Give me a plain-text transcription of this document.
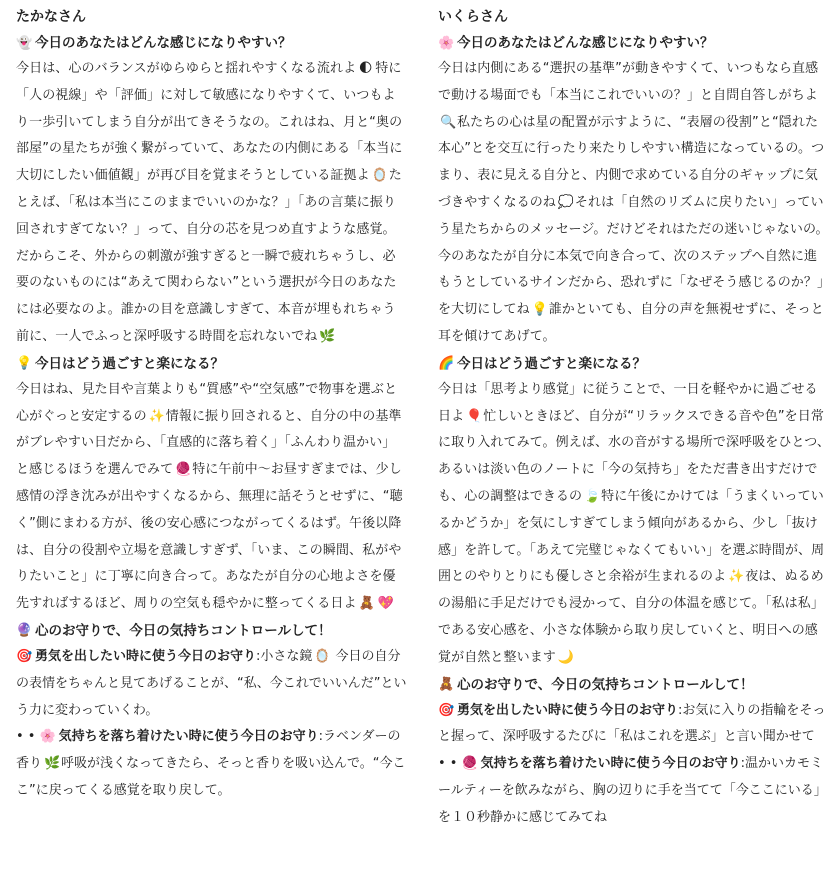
たかなさん
👻 今日のあなたはどんな感じになりやすい？
今日は、心のバランスがゆらゆらと揺れやすくなる流れよ 🌓 特に「人の視線」や「評価」に対して敏感になりやすくて、いつもより一歩引いてしまう自分が出てきそうなの。これはね、月と“奥の部屋”の星たちが強く繋がっていて、あなたの内側にある「本当に大切にしたい価値観」が再び目を覚まそうとしている証拠よ 🪞たとえば、「私は本当にこのままでいいのかな？」「あの言葉に振り回されすぎてない？」って、自分の芯を見つめ直すような感覚。だからこそ、外からの刺激が強すぎると一瞬で疲れちゃうし、必要のないものには“あえて関わらない”という選択が今日のあなたには必要なのよ。誰かの目を意識しすぎて、本音が埋もれちゃう前に、一人でふっと深呼吸する時間を忘れないでね 🌿
💡 今日はどう過ごすと楽になる？
今日はね、見た目や言葉よりも“質感”や“空気感”で物事を選ぶと心がぐっと安定するの ✨情報に振り回されると、自分の中の基準がブレやすい日だから、「直感的に落ち着く」「ふんわり温かい」と感じるほうを選んでみて 🧶特に午前中〜お昼すぎまでは、少し感情の浮き沈みが出やすくなるから、無理に話そうとせずに、“聴く”側にまわる方が、後の安心感につながってくるはず。午後以降は、自分の役割や立場を意識しすぎず、「いま、この瞬間、私がやりたいこと」に丁寧に向き合って。あなたが自分の心地よさを優先すればするほど、周りの空気も穏やかに整ってくる日よ 🧸 💖
🔮 心のお守りで、今日の気持ちコントロールして！
🎯 勇気を出したい時に使う今日のお守り:小さな鏡 🪞 今日の自分の表情をちゃんと見てあげることが、“私、今これでいいんだ”という力に変わっていくわ。
• • 🌸 気持ちを落ち着けたい時に使う今日のお守り:ラベンダーの香り 🌿呼吸が浅くなってきたら、そっと香りを吸い込んで。“今ここ”に戻ってくる感覚を取り戻して。
いくらさん
🌸 今日のあなたはどんな感じになりやすい？
今日は内側にある“選択の基準”が動きやすくて、いつもなら直感で動ける場面でも「本当にこれでいいの？」と自問自答しがちよ🔍私たちの心は星の配置が示すように、“表層の役割”と“隠れた本心”とを交互に行ったり来たりしやすい構造になっているの。つまり、表に見える自分と、内側で求めている自分のギャップに気づきやすくなるのね 💭それは「自然のリズムに戻りたい」っていう星たちからのメッセージ。だけどそれはただの迷いじゃないの。今のあなたが自分に本気で向き合って、次のステップへ自然に進もうとしているサインだから、恐れずに「なぜそう感じるのか？」を大切にしてね 💡誰かといても、自分の声を無視せずに、そっと耳を傾けてあげて。
🌈 今日はどう過ごすと楽になる？
今日は「思考より感覚」に従うことで、一日を軽やかに過ごせる日よ 🎈忙しいときほど、自分が“リラックスできる音や色”を日常に取り入れてみて。例えば、水の音がする場所で深呼吸をひとつ、あるいは淡い色のノートに「今の気持ち」をただ書き出すだけでも、心の調整はできるの 🍃特に午後にかけては「うまくいっているかどうか」を気にしすぎてしまう傾向があるから、少し「抜け感」を許して。「あえて完璧じゃなくてもいい」を選ぶ時間が、周囲とのやりとりにも優しさと余裕が生まれるのよ ✨夜は、ぬるめの湯船に手足だけでも浸かって、自分の体温を感じて。「私は私」である安心感を、小さな体験から取り戻していくと、明日への感覚が自然と整います 🌙
🧸 心のお守りで、今日の気持ちコントロールして！
🎯 勇気を出したい時に使う今日のお守り:お気に入りの指輪をそっと握って、深呼吸するたびに「私はこれを選ぶ」と言い聞かせて
• • 🧶 気持ちを落ち着けたい時に使う今日のお守り:温かいカモミールティーを飲みながら、胸の辺りに手を当てて「今ここにいる」を１０秒静かに感じてみてね
